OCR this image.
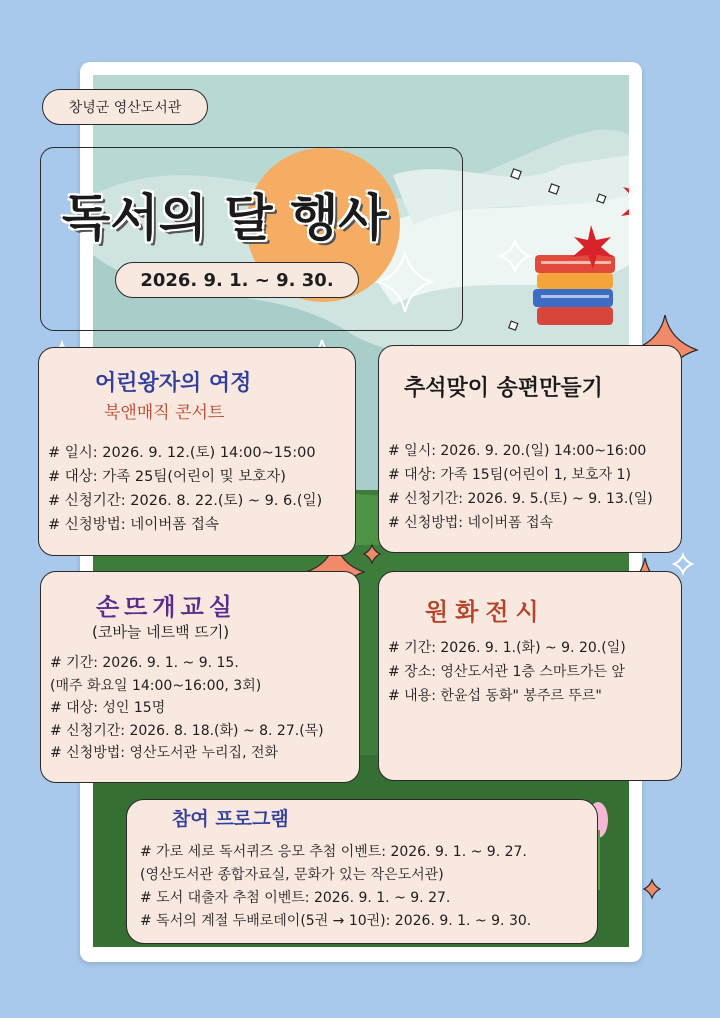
창녕군 영산도서관
독서의 달 행사
2026. 9. 1. ~ 9. 30.
어린왕자의 여정
북앤매직 콘서트
# 일시: 2026. 9. 12.(토) 14:00~15:00
# 대상: 가족 25팀(어린이 및 보호자)
# 신청기간: 2026. 8. 22.(토) ~ 9. 6.(일)
# 신청방법: 네이버폼 접속
추석맞이 송편만들기
# 일시: 2026. 9. 20.(일) 14:00~16:00
# 대상: 가족 15팀(어린이 1, 보호자 1)
# 신청기간: 2026. 9. 5.(토) ~ 9. 13.(일)
# 신청방법: 네이버폼 접속
손뜨개교실
(코바늘 네트백 뜨기)
# 기간: 2026. 9. 1. ~ 9. 15.
(매주 화요일 14:00~16:00, 3회)
# 대상: 성인 15명
# 신청기간: 2026. 8. 18.(화) ~ 8. 27.(목)
# 신청방법: 영산도서관 누리집, 전화
원화전시
# 기간: 2026. 9. 1.(화) ~ 9. 20.(일)
# 장소: 영산도서관 1층 스마트가든 앞
# 내용: 한윤섭 동화" 봉주르 뚜르"
참여 프로그램
# 가로 세로 독서퀴즈 응모 추첨 이벤트: 2026. 9. 1. ~ 9. 27.
(영산도서관 종합자료실, 문화가 있는 작은도서관)
# 도서 대출자 추첨 이벤트: 2026. 9. 1. ~ 9. 27.
# 독서의 계절 두배로데이(5권 → 10권): 2026. 9. 1. ~ 9. 30.
